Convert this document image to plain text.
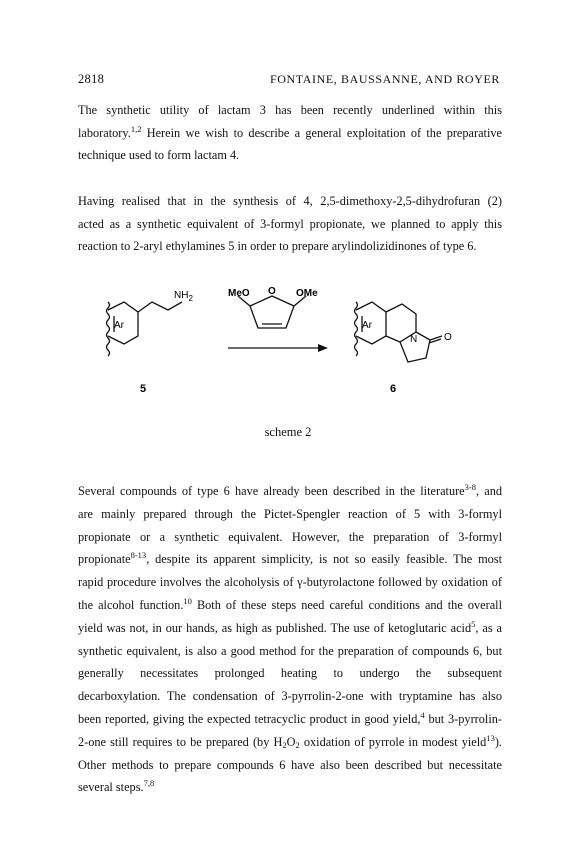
2818	FONTAINE, BAUSSANNE, AND ROYER

The synthetic utility of lactam 3 has been recently underlined within this
laboratory.$^{1,2}$ Herein we wish to describe a general exploitation of the preparative
technique used to form lactam 4.

Having realised that in the synthesis of 4, 2,5-dimethoxy-2,5-dihydrofuran (2)
acted as a synthetic equivalent of 3-formyl propionate, we planned to apply this
reaction to 2-aryl ethylamines 5 in order to prepare arylindolizidinones of type 6.

$NH_2$
Ar
MeO O OMe
Ar
N	O
5	6
scheme 2

Several compounds of type 6 have already been described in the literature$^{3-8}$, and
are mainly prepared through the Pictet-Spengler reaction of 5 with 3-formyl
propionate or a synthetic equivalent. However, the preparation of 3-formyl
propionate$^{8-13}$, despite its apparent simplicity, is not so easily feasible. The most
rapid procedure involves the alcoholysis of γ-butyrolactone followed by oxidation of
the alcohol function.$^{10}$ Both of these steps need careful conditions and the overall
yield was not, in our hands, as high as published. The use of ketoglutaric acid$^5$, as a
synthetic equivalent, is also a good method for the preparation of compounds 6, but
generally necessitates prolonged heating to undergo the subsequent
decarboxylation. The condensation of 3-pyrrolin-2-one with tryptamine has also
been reported, giving the expected tetracyclic product in good yield,$^4$ but 3-pyrrolin-
2-one still requires to be prepared (by $H_2O_2$ oxidation of pyrrole in modest yield$^{13}$).
Other methods to prepare compounds 6 have also been described but necessitate
several steps.$^{7,8}$
